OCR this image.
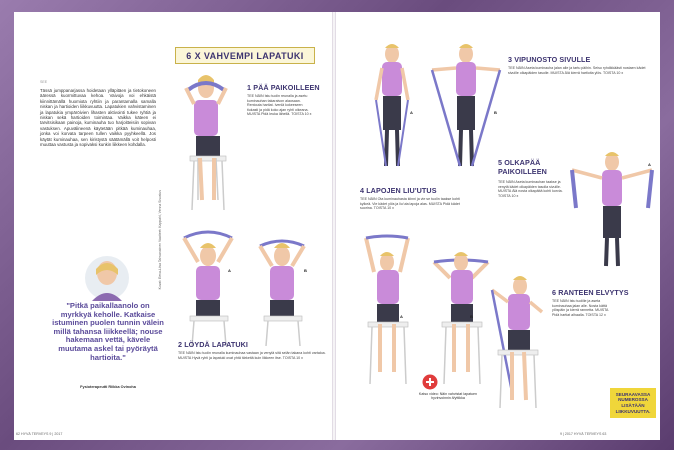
SEE
Tässä jumppanarjassa hoidetaan ylläpitäen ja tietokoneen ääressä kuormittuvaa kehoa. Vaivoja voi ehkäistä kiinnittämällä huomiota ryhtiin ja parantamalla samalla niskan ja hartioiden liikkuvuutta. Lapatukien vahvistaminen ja lapatukia ympäröivien lihasten aktivointi tukee ryhtiä ja niskan sekä hartioiden toimintaa. Vaikka käteen ei tarvitsisikaan painoja, kuminauha tuo harjoitteisiin sopivan vastuksen. Apuvälineenä käytetään pitkää kuminauhaa, jonka voi korvata tarpeen tullen vaikka pyyhkeellä. Jos käytät kuminauhaa, sen kiristystä säätämällä voit helposti muuttaa vastusta ja sopivaksi kunkin liikkeen kohdalla.
"Pitkä paikallaanolo on myrkkyä keholle. Katkaise istuminen puolen tunnin välein millä tahansa liikkeellä; nouse hakemaan vettä, kävele muutama askel tai pyöräytä hartioita."
Fysioterapeutti Riikka Ovinoha
62 HYVÄ TERVEYS 9 | 2017
6 X VAHVEMPI LAPATUKI
1 PÄÄ PAIKOILLEEN
TEE NÄIN Istu tuolin reunalla ja asetu kuminauhan takaraivon alaosaan. Rentouta hartiat. Ivenlä kokeeseen tiukasti ja pidä koko ajan ryhti oikeana. MUISTA Pidä leuka lähellä. TOISTA 10 x
A	B
2 LÖYDÄ LAPATUKI
TEE NÄIN Istu tuolin reunalla kuminauhaa vastaan ja venytä sitä selän takana kohti vartaloa. MUISTA Hyvä ryhti ja lapatuki ovat yhtä tärkeitä kuin liikkeen itse. TOISTA 10 x
Kuvat: Eeva-Liisa Tahvanainen Vaatteet: Kappahl, Venna Sisustus
A	B
3 VIPUNOSTO SIVULLE
TEE NÄIN Aseta kuminauha jalan alle ja tartu päihin. Seiso ryhdikkäästi nostaen kädet sivuille olkapäiden tasolle. MUISTA Älä kierrä hartioita ylös. TOISTA 10 x
4 LAPOJEN LIU'UTUS
TEE NÄIN Ota kuminauhasta kiinni ja vie se tuolin taakse kohti kylkeä. Vie kädet ylös ja liu'uta lapoja alas. MUISTA Pidä kädet suorina. TOISTA 10 x
A	B
Katso video: Näin vahvistat lapatuen hyvinvoinnin.fi/yttikka
5 OLKAPÄÄ PAIKOILLEEN
TEE NÄIN Aseta kuminauhan taakse ja venytä kädet olkapäiden tasolla sivuille. MUISTA Älä nosta olkapäitä kohti korvia. TOISTA 10 x
A
6 RANTEEN ELVYTYS
TEE NÄIN Istu tuolille ja aseta kuminauhaa jalan alle. Nosta kättä ylöspäin ja kierrä rannetta. MUISTA Pidä hartiat alhaalla. TOISTA 12 x
SEURAAVASSA NUMEROSSA LISÄTÄÄN LIIKKUVUUTTA.
9 | 2017 HYVÄ TERVEYS 63
